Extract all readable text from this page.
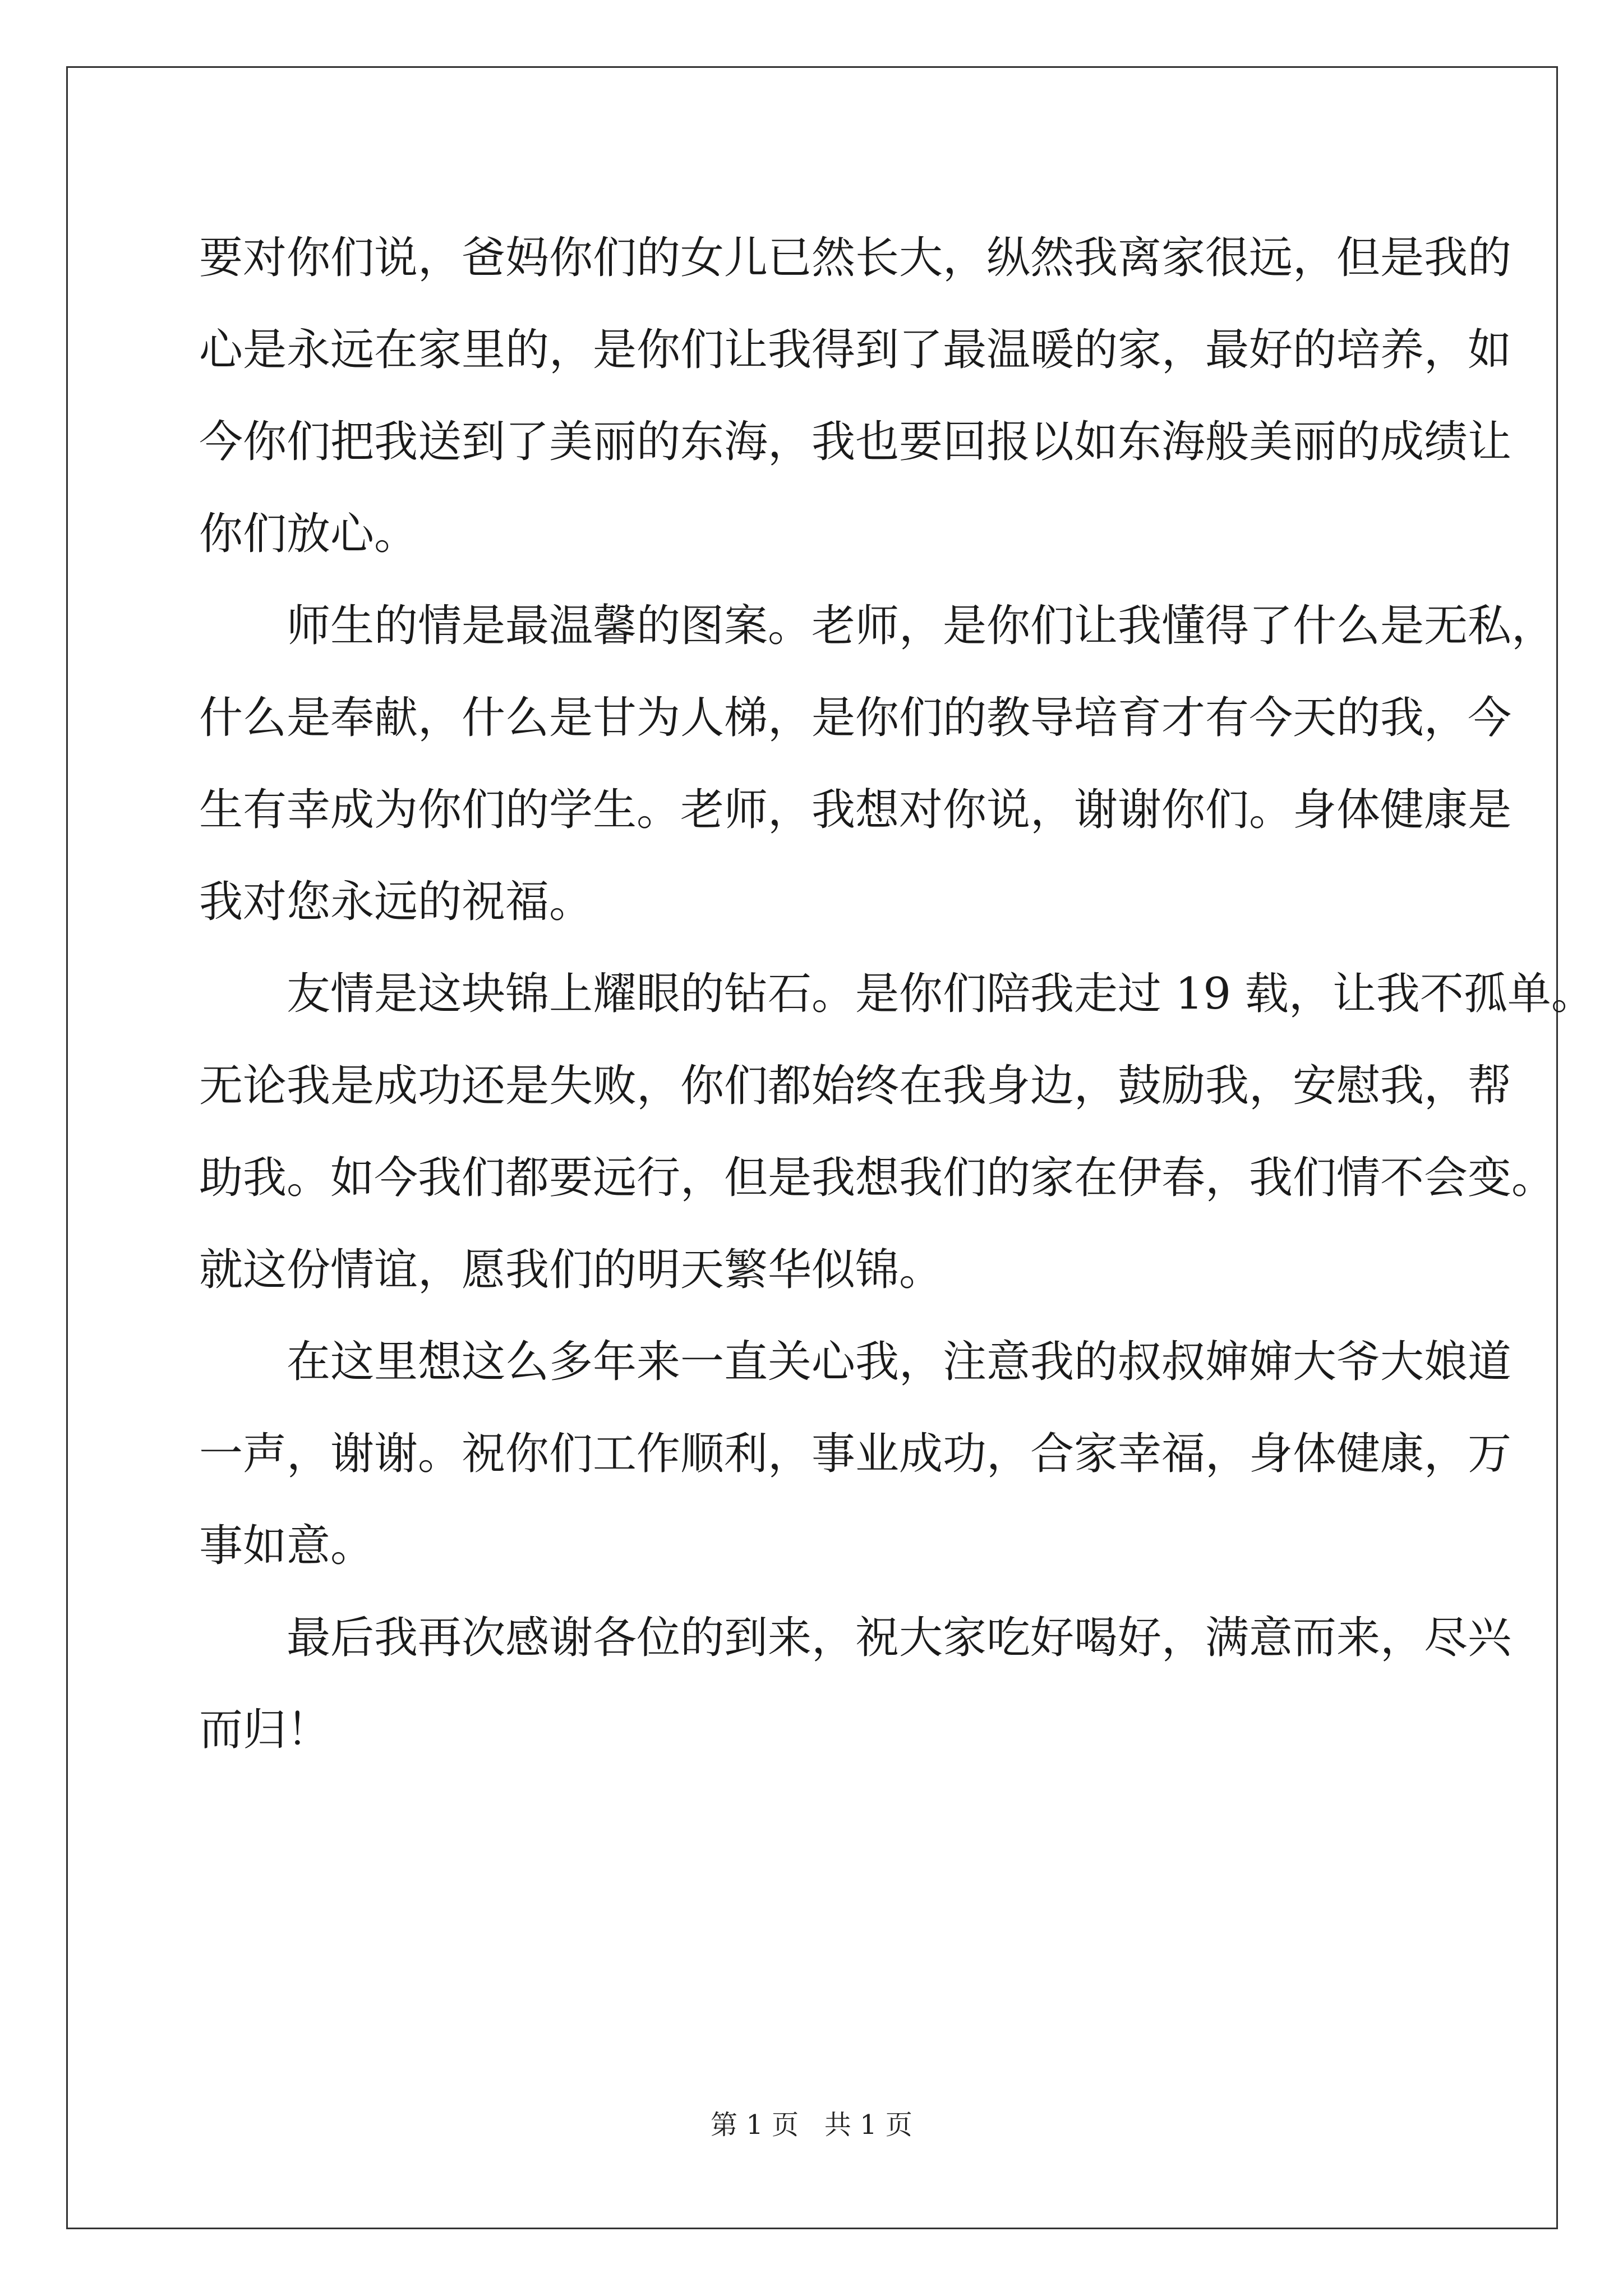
要对你们说，爸妈你们的女儿已然长大，纵然我离家很远，但是我的
心是永远在家里的，是你们让我得到了最温暖的家，最好的培养，如
今你们把我送到了美丽的东海，我也要回报以如东海般美丽的成绩让
你们放心。
　　师生的情是最温馨的图案。老师，是你们让我懂得了什么是无私，
什么是奉献，什么是甘为人梯，是你们的教导培育才有今天的我，今
生有幸成为你们的学生。老师，我想对你说，谢谢你们。身体健康是
我对您永远的祝福。
　　友情是这块锦上耀眼的钻石。是你们陪我走过 19 载，让我不孤单。
无论我是成功还是失败，你们都始终在我身边，鼓励我，安慰我，帮
助我。如今我们都要远行，但是我想我们的家在伊春，我们情不会变。
就这份情谊，愿我们的明天繁华似锦。
　　在这里想这么多年来一直关心我，注意我的叔叔婶婶大爷大娘道
一声，谢谢。祝你们工作顺利，事业成功，合家幸福，身体健康，万
事如意。
　　最后我再次感谢各位的到来，祝大家吃好喝好，满意而来，尽兴
而归！
第 1 页   共 1 页
